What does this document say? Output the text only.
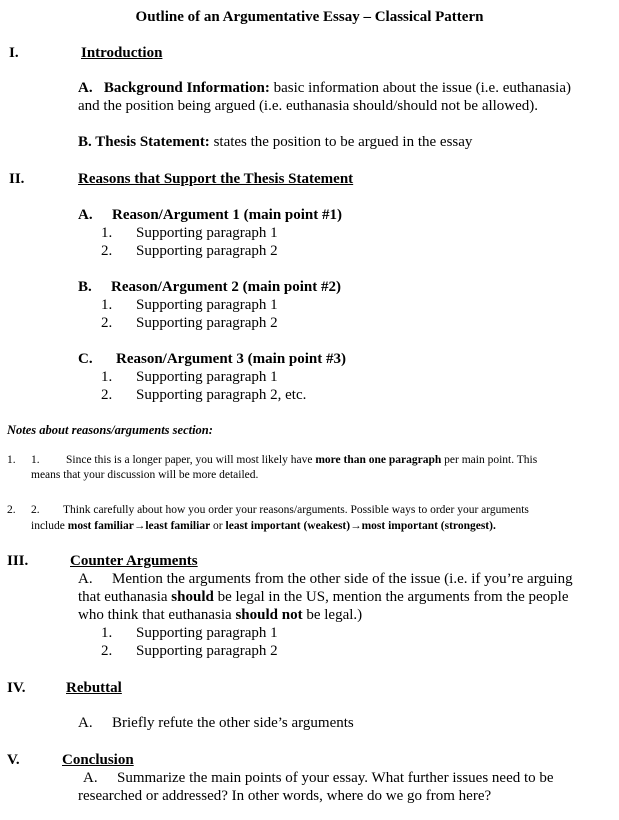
Outline of an Argumentative Essay – Classical Pattern
I.	Introduction
A. Background Information: basic information about the issue (i.e. euthanasia)
and the position being argued (i.e. euthanasia should/should not be allowed).
B. Thesis Statement: states the position to be argued in the essay
II.	Reasons that Support the Thesis Statement
A. Reason/Argument 1 (main point #1)
1. Supporting paragraph 1
2. Supporting paragraph 2
B. Reason/Argument 2 (main point #2)
1. Supporting paragraph 1
2. Supporting paragraph 2
C. Reason/Argument 3 (main point #3)
1. Supporting paragraph 1
2. Supporting paragraph 2, etc.
Notes about reasons/arguments section:
1. 1. Since this is a longer paper, you will most likely have more than one paragraph per main point. This
means that your discussion will be more detailed.
2. 2. Think carefully about how you order your reasons/arguments. Possible ways to order your arguments
include most familiar→least familiar or least important (weakest)→most important (strongest).
III.	Counter Arguments
A. Mention the arguments from the other side of the issue (i.e. if you’re arguing
that euthanasia should be legal in the US, mention the arguments from the people
who think that euthanasia should not be legal.)
1. Supporting paragraph 1
2. Supporting paragraph 2
IV.	Rebuttal
A. Briefly refute the other side’s arguments
V.	Conclusion
A. Summarize the main points of your essay. What further issues need to be
researched or addressed? In other words, where do we go from here?
